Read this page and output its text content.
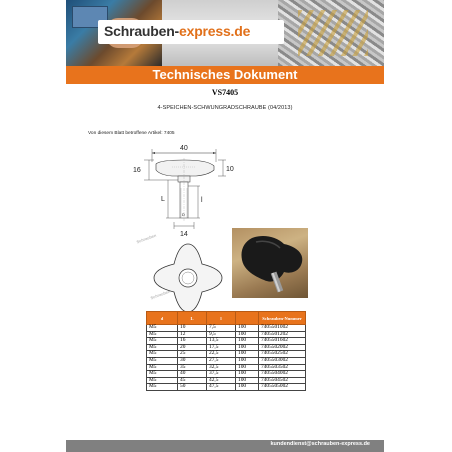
Schrauben-express.de
Technisches Dokument
VS7405
4-SPEICHEN-SCHWUNGRADSCHRAUBE (04/2013)
Von diesem Blatt betroffene Artikel: 7405
40
10
16
L	l
D
14
Schrauben
Schrauben
d	L	l		Schrauben-Nummer
M5	10	7,5	100	7405501002
M5	12	9,5	100	7405501202
M5	16	13,5	100	7405501602
M5	20	17,5	100	7405502002
M5	25	22,5	100	7405502502
M5	30	27,5	100	7405503002
M5	35	32,5	100	7405503502
M5	40	37,5	100	7405504002
M5	45	42,5	100	7405504502
M5	50	47,5	100	7405505002
kundendienst@schrauben-express.de
